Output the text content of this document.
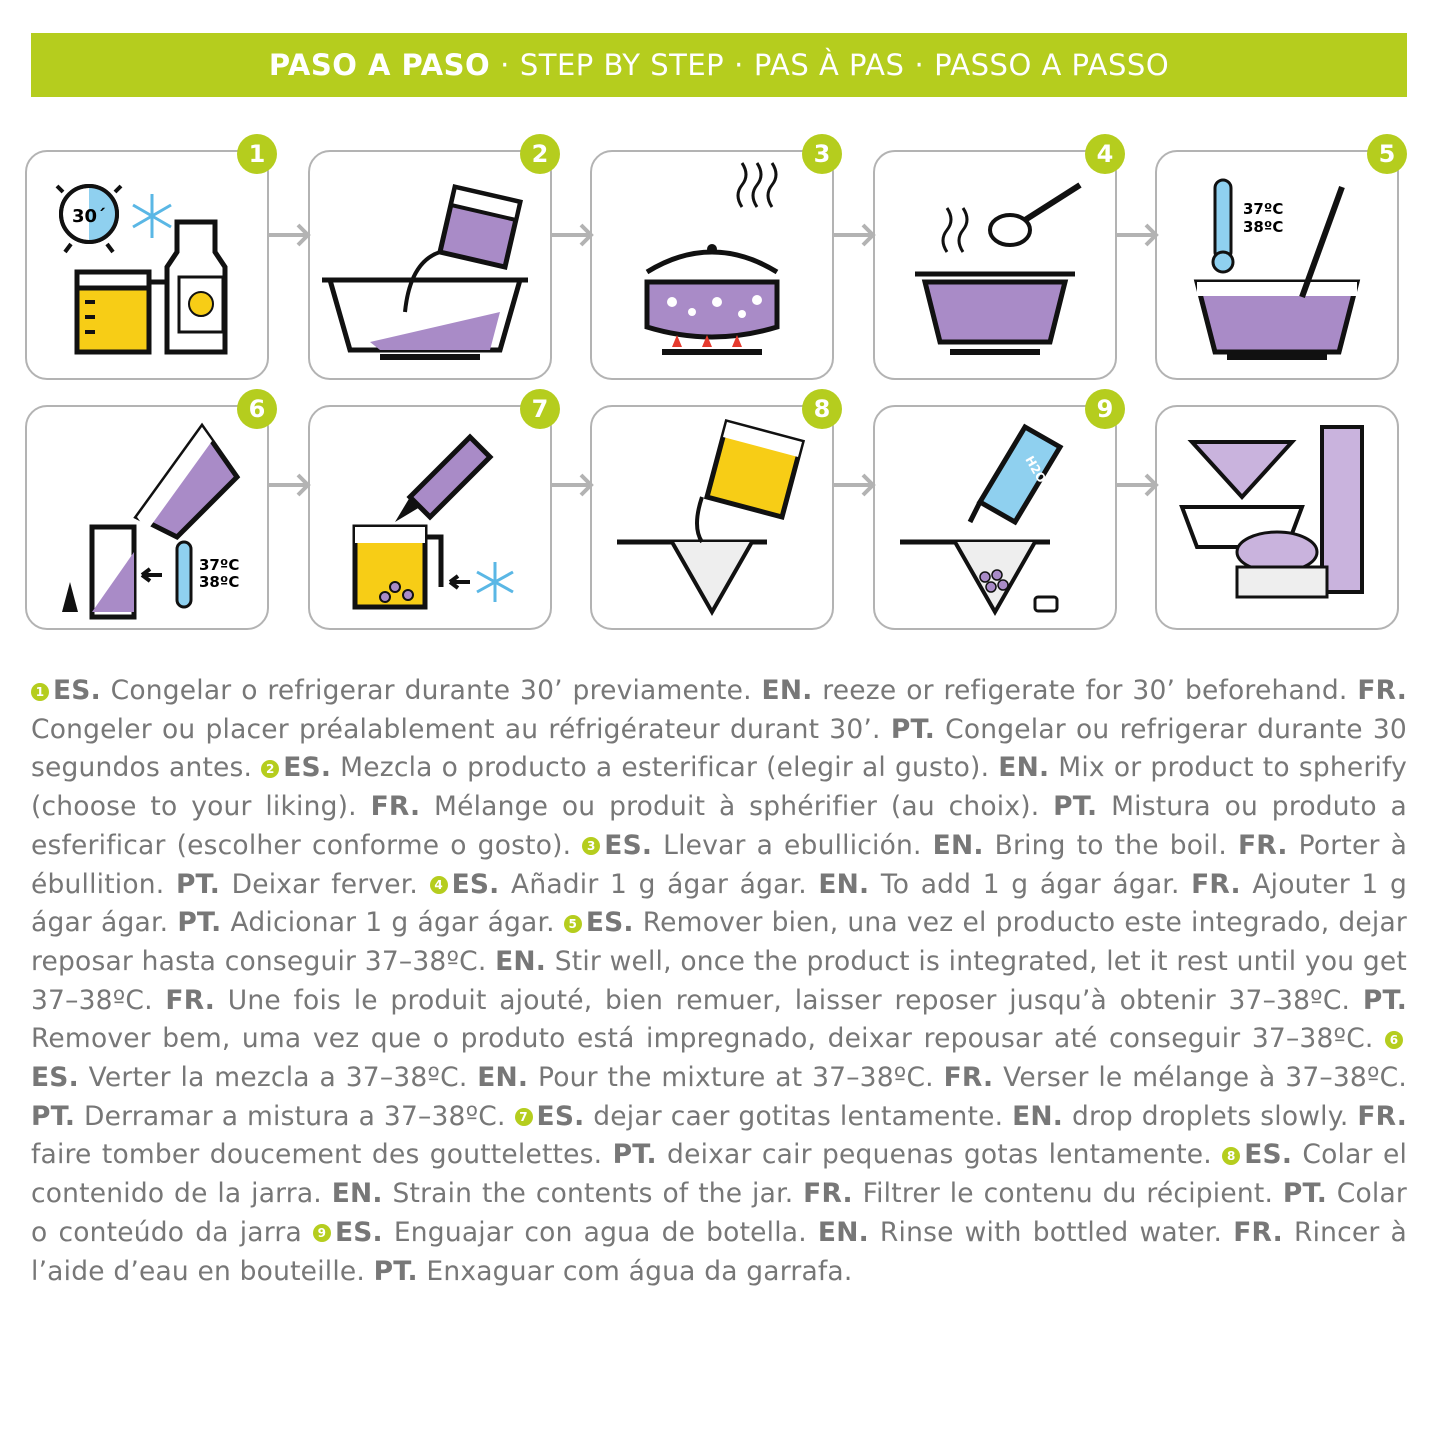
PASO A PASO · STEP BY STEP · PAS À PAS · PASSO A PASSO
30´
1	2	3	4
37ºC
38ºC
5
37ºC
38ºC
6	7	8
H2O
9
1 ES. Congelar o refrigerar durante 30’ previamente. EN. reeze or refigerate for 30’ beforehand. FR. Congeler ou placer préalablement au réfrigérateur durant 30’. PT. Congelar ou refrigerar durante 30 segundos antes. 2 ES. Mezcla o producto a esterificar (elegir al gusto). EN. Mix or product to spherify (choose to your liking). FR. Mélange ou produit à sphérifier (au choix). PT. Mistura ou produto a esferificar (escolher conforme o gosto). 3 ES. Llevar a ebullición. EN. Bring to the boil. FR. Porter à ébullition. PT. Deixar ferver. 4 ES. Añadir 1 g ágar ágar. EN. To add 1 g ágar ágar. FR. Ajouter 1 g ágar ágar. PT. Adicionar 1 g ágar ágar. 5 ES. Remover bien, una vez el producto este integrado, dejar reposar hasta conseguir 37–38ºC. EN. Stir well, once the product is integrated, let it rest until you get 37–38ºC. FR. Une fois le produit ajouté, bien remuer, laisser reposer jusqu’à obtenir 37–38ºC. PT. Remover bem, uma vez que o produto está impregnado, deixar repousar até conseguir 37–38ºC. 6ES. Verter la mezcla a 37–38ºC. EN. Pour the mixture at 37–38ºC. FR. Verser le mélange à 37–38ºC. PT. Derramar a mistura a 37–38ºC. 7 ES. dejar caer gotitas lentamente. EN. drop droplets slowly. FR. faire tomber doucement des gouttelettes. PT. deixar cair pequenas gotas lentamente. 8 ES. Colar el contenido de la jarra. EN. Strain the contents of the jar. FR. Filtrer le contenu du récipient. PT. Colar o conteúdo da jarra 9 ES. Enguajar con agua de botella. EN. Rinse with bottled water. FR. Rincer à l’aide d’eau en bouteille. PT. Enxaguar com água da garrafa.
